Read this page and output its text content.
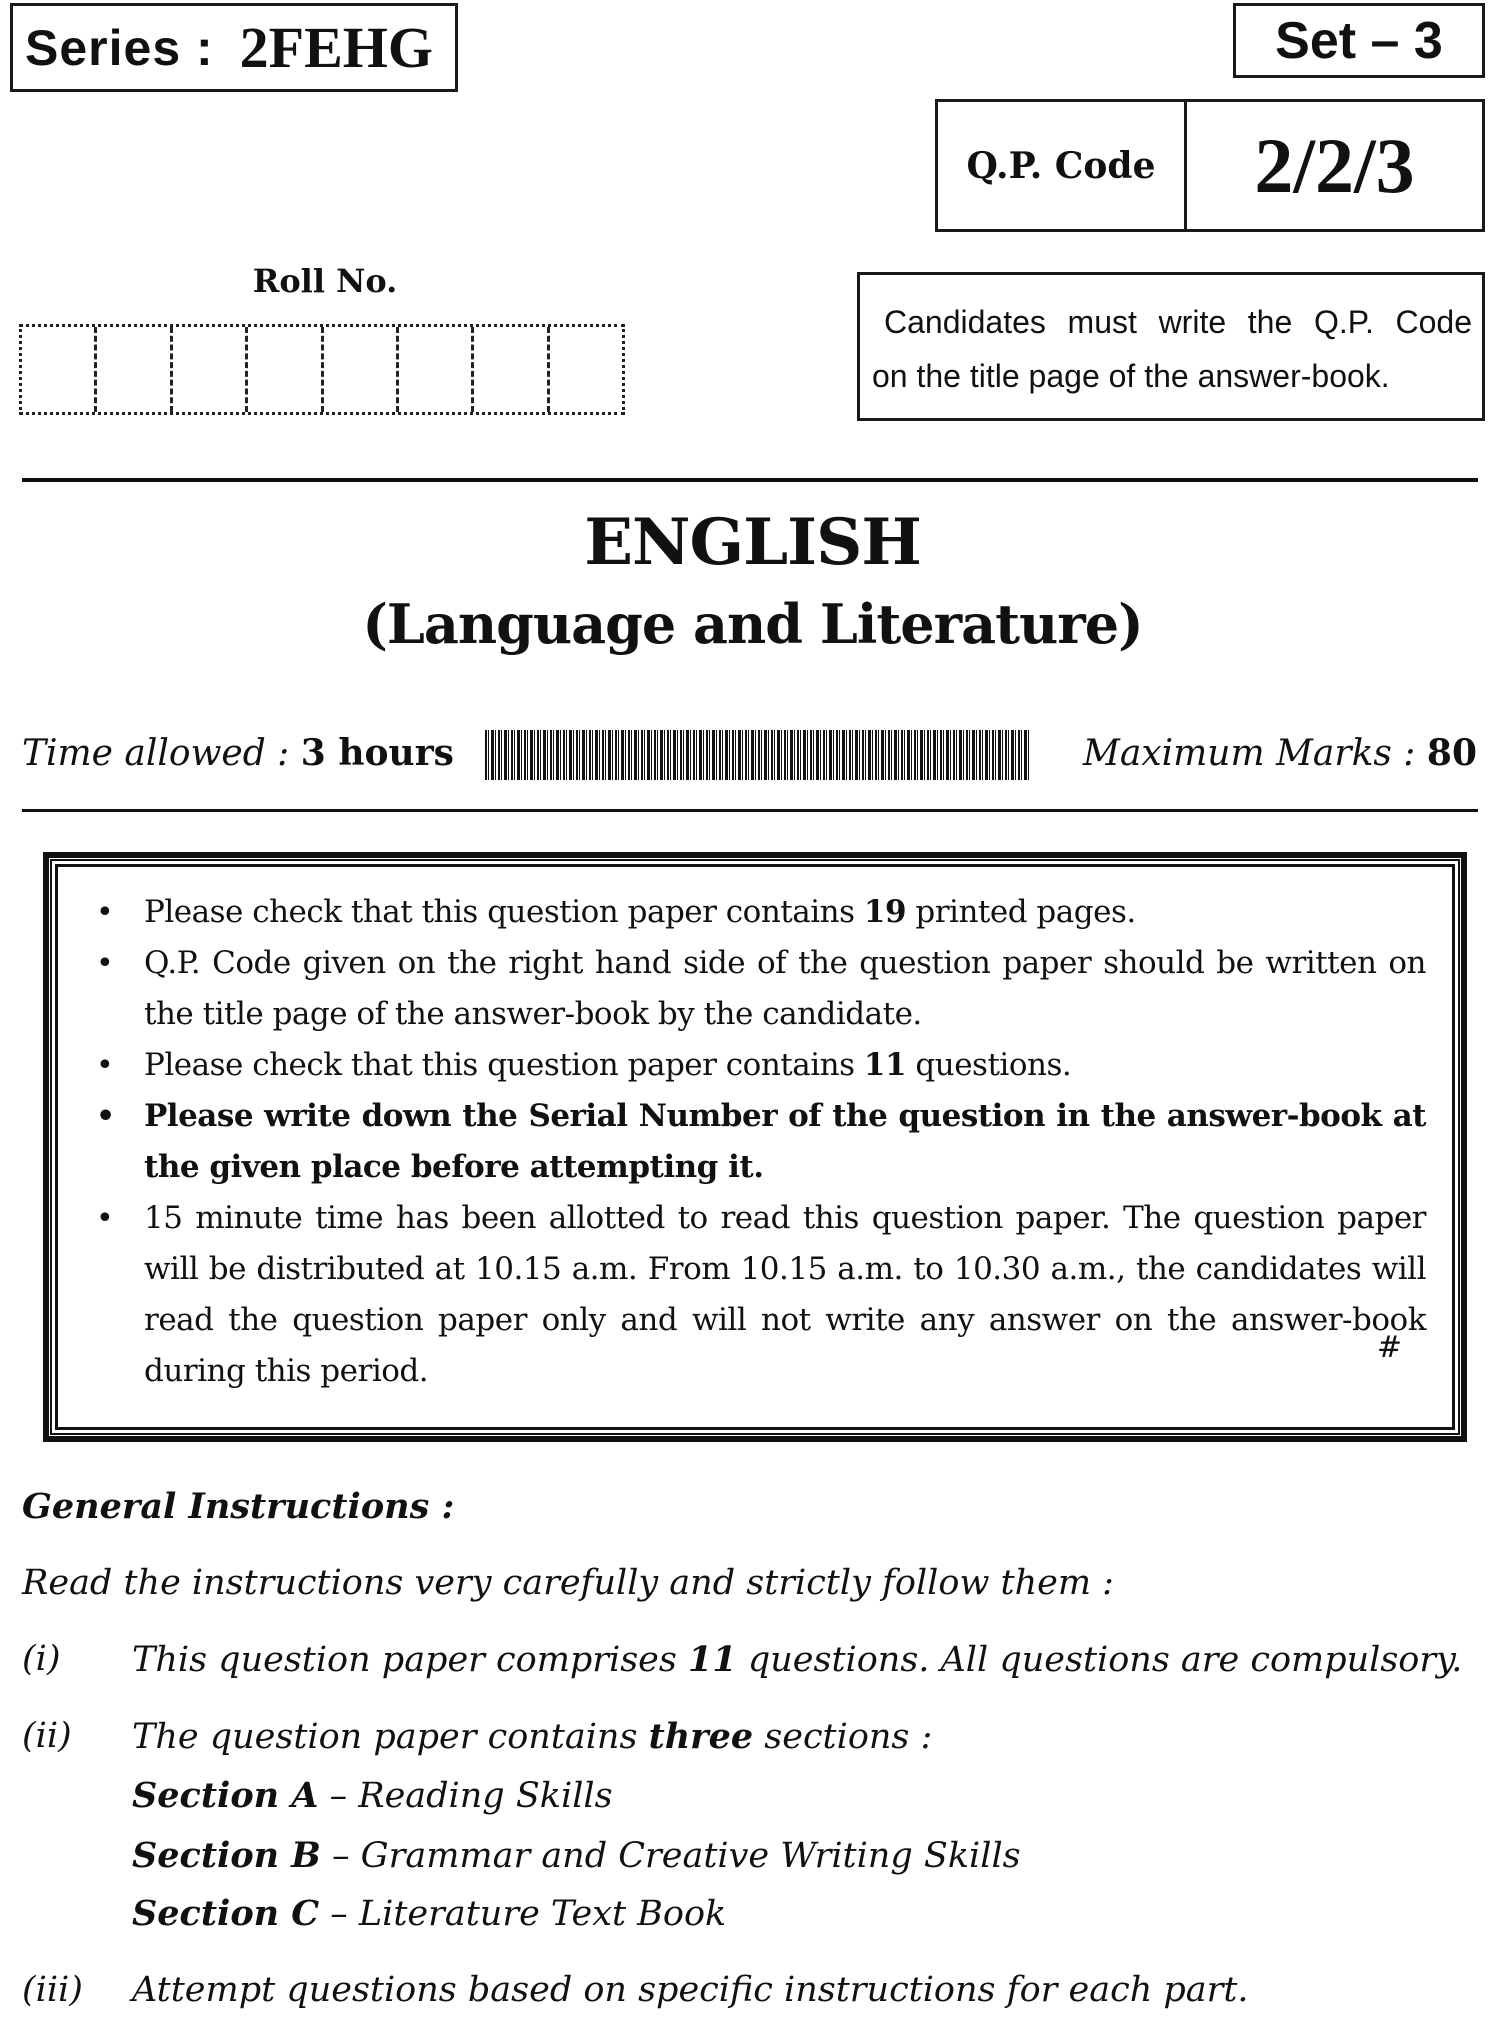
Series : 2FEHG	Set – 3
Q.P. Code	2/2/3
Roll No.

Candidates must write the Q.P. Code

on the title page of the answer-book.

ENGLISH
(Language and Literature)
Time allowed : 3 hours	Maximum Marks : 80
• Please check that this question paper contains 19 printed pages.
• Q.P. Code given on the right hand side of the question paper should be written on the title page of the answer-book by the candidate.
• Please check that this question paper contains 11 questions.
• Please write down the Serial Number of the question in the answer-book at the given place before attempting it.
• 15 minute time has been allotted to read this question paper. The question paper will be distributed at 10.15 a.m. From 10.15 a.m. to 10.30 a.m., the candidates will read the question paper only and will not write any answer on the answer-book during this period.
#
General Instructions :
Read the instructions very carefully and strictly follow them :
(i) This question paper comprises 11 questions. All questions are compulsory.
(ii) The question paper contains three sections :
Section A – Reading Skills
Section B – Grammar and Creative Writing Skills
Section C – Literature Text Book
(iii) Attempt questions based on specific instructions for each part.
